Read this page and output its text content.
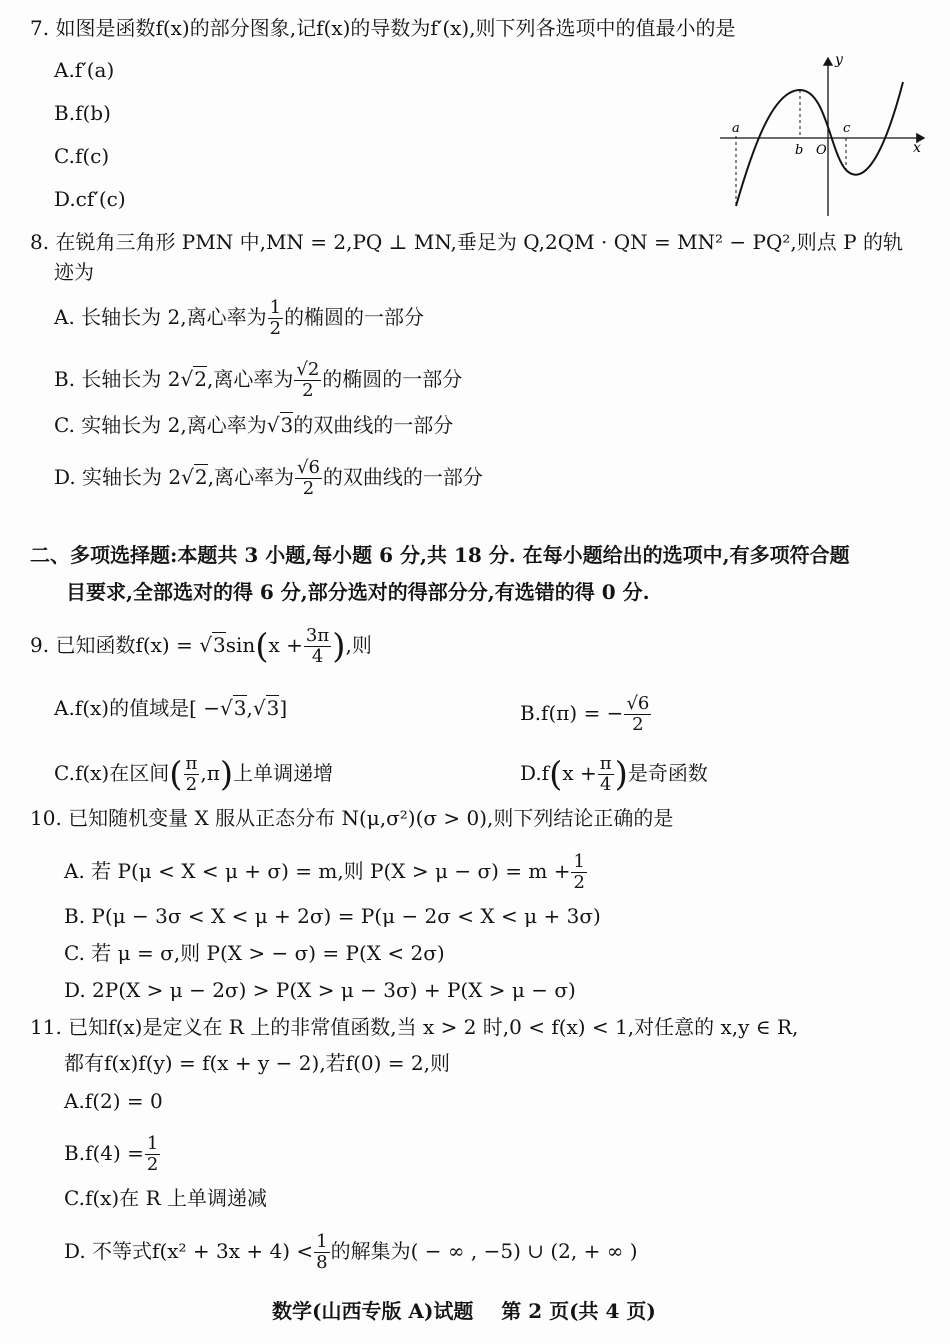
7. 如图是函数f(x)的部分图象,记f(x)的导数为f′(x),则下列各选项中的值最小的是
A.f′(a)
B.f(b)
C.f(c)
D.cf′(c)
y
x
a
b O
c
8. 在锐角三角形 PMN 中,MN = 2,PQ ⊥ MN,垂足为 Q,2QM · QN = MN² − PQ²,则点 P 的轨
迹为
A. 长轴长为 2,离心率为 $\frac{1}{2}$ 的椭圆的一部分
B. 长轴长为 2√2,离心率为 $\frac{√2}{2}$ 的椭圆的一部分
C. 实轴长为 2,离心率为√3的双曲线的一部分
D. 实轴长为 2√2,离心率为 $\frac{√6}{2}$ 的双曲线的一部分
二、多项选择题:本题共 3 小题,每小题 6 分,共 18 分. 在每小题给出的选项中,有多项符合题
目要求,全部选对的得 6 分,部分选对的得部分分,有选错的得 0 分.
9. 已知函数$f(x) = √3\sin(x + \frac{3\pi}{4}$ ),则
A.f(x)的值域是[ −√3,√3]	B.f(π) = − $\frac{√6}{2}$
C.f(x)在区间( $\frac{\pi}{2} ,\pi$)上单调递增	$D.f(x + \frac{\pi}{4}$ )是奇函数
10. 已知随机变量 X 服从正态分布 N(μ,σ²)(σ > 0),则下列结论正确的是
A. 若 P(μ < X < μ + σ) = m,则 $P(X > \mu - \sigma) = m + \frac{1}{2}$
B. P(μ − 3σ < X < μ + 2σ) = P(μ − 2σ < X < μ + 3σ)
C. 若 μ = σ,则 P(X > − σ) = P(X < 2σ)
D. 2P(X > μ − 2σ) > P(X > μ − 3σ) + P(X > μ − σ)
11. 已知f(x)是定义在 R 上的非常值函数,当 x > 2 时,0 < f(x) < 1,对任意的 x,y ∈ R,
都有f(x)f(y) = f(x + y − 2),若f(0) = 2,则
A.f(2) = 0
$B.f(4) = \frac{1}{2}$
C.f(x)在 R 上单调递减
D. 不等式$f(x^2 + 3x + 4) < \frac{1}{8}$ 的解集为( − ∞ , −5) ∪ (2, + ∞ )
数学(山西专版 A)试题    第 2 页(共 4 页)
